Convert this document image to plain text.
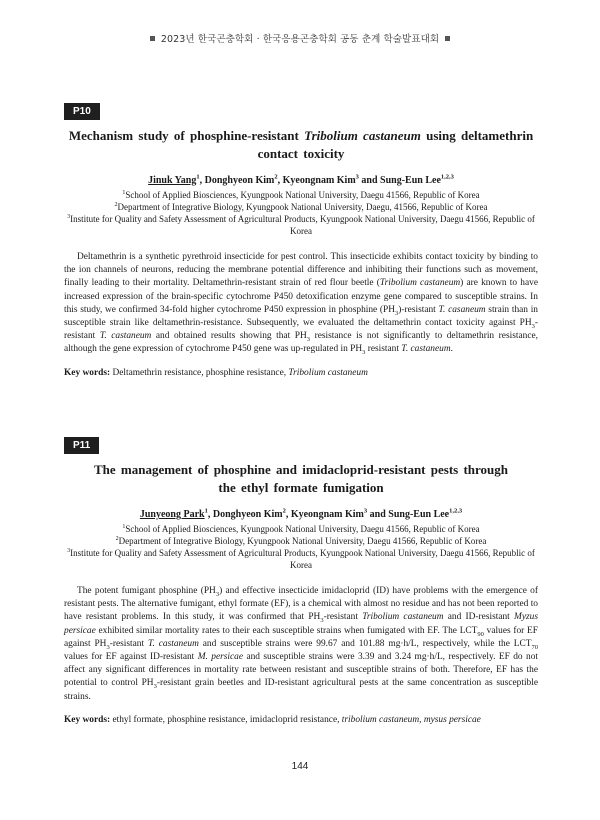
2023년 한국곤충학회 · 한국응용곤충학회 공동 춘계 학술발표대회
P10
Mechanism study of phosphine-resistant Tribolium castaneum using deltamethrin contact toxicity
Jinuk Yang$^1$, Donghyeon Kim$^2$, Kyeongnam Kim$^3$ and Sung-Eun Lee$^{1,2,3}$
$^1$School of Applied Biosciences, Kyungpook National University, Daegu 41566, Republic of Korea
$^2$Department of Integrative Biology, Kyungpook National University, Daegu, 41566, Republic of Korea
$^3$Institute for Quality and Safety Assessment of Agricultural Products, Kyungpook National University, Daegu 41566, Republic of Korea
Deltamethrin is a synthetic pyrethroid insecticide for pest control. This insecticide exhibits contact toxicity by binding to the ion channels of neurons, reducing the membrane potential difference and inhibiting their functions such as movement, finally leading to their mortality. Deltamethrin-resistant strain of red flour beetle (Tribolium castaneum) are known to have increased expression of the brain-specific cytochrome P450 detoxification enzyme gene compared to susceptible strains. In this study, we confirmed 34-fold higher cytochrome P450 expression in phosphine $(PH_3)$-resistant T. casaneum strain than in susceptible strain like deltamethrin-resistance. Subsequently, we evaluated the deltamethrin contact toxicity against $PH_3$-resistant T. castaneum and obtained results showing that $PH_3$ resistance is not significantly to deltamethrin resistance, although the gene expression of cytochrome P450 gene was up-regulated in $PH_3$ resistant T. castaneum.
Key words: Deltamethrin resistance, phosphine resistance, Tribolium castaneum
P11
The management of phosphine and imidacloprid-resistant pests through the ethyl formate fumigation
Junyeong Park$^1$, Donghyeon Kim$^2$, Kyeongnam Kim$^3$ and Sung-Eun Lee$^{1,2,3}$
$^1$School of Applied Biosciences, Kyungpook National University, Daegu 41566, Republic of Korea
$^2$Department of Integrative Biology, Kyungpook National University, Daegu 41566, Republic of Korea
$^3$Institute for Quality and Safety Assessment of Agricultural Products, Kyungpook National University, Daegu 41566, Republic of Korea
The potent fumigant phosphine $(PH_3)$ and effective insecticide imidacloprid (ID) have problems with the emergence of resistant pests. The alternative fumigant, ethyl formate (EF), is a chemical with almost no residue and has not been reported to have resistant problems. In this study, it was confirmed that $PH_3$-resistant Tribolium castaneum and ID-resistant Myzus persicae exhibited similar mortality rates to their each susceptible strains when fumigated with EF. The $LCT_{90}$ values for EF against $PH_3$-resistant T. castaneum and susceptible strains were 99.67 and 101.88 mg·h/L, respectively, while the $LCT_{70}$ values for EF against ID-resistant M. persicae and susceptible strains were 3.39 and 3.24 mg·h/L, respectively. EF do not affect any significant differences in mortality rate between resistant and susceptible strains of both. Therefore, EF has the potential to control $PH_3$-resistant grain beetles and ID-resistant agricultural pests at the same concentration as susceptible strains.
Key words: ethyl formate, phosphine resistance, imidacloprid resistance, tribolium castaneum, mysus persicae
144
